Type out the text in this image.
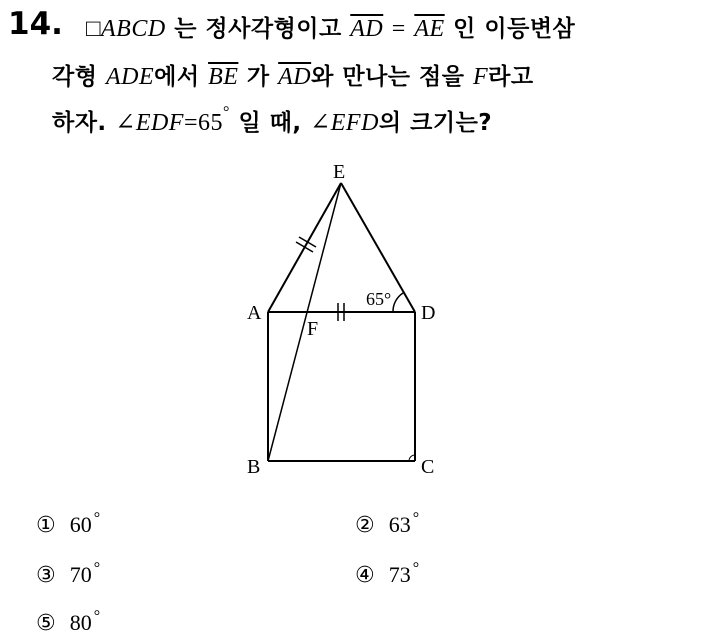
14. □ABCD 는 정사각형이고 $\overline{AD} = \overline{AE}$ 인 이등변삼
각형 ADE에서 $\overline{BE}$ 가 $\overline{AD}$와 만나는 점을 F라고
하자. ∠EDF=65° 일 때, ∠EFD의 크기는?
E
A	D
F
B	C
65°
① 60 °	② 63 °
③ 70 °	④ 73 °
⑤ 80 °
